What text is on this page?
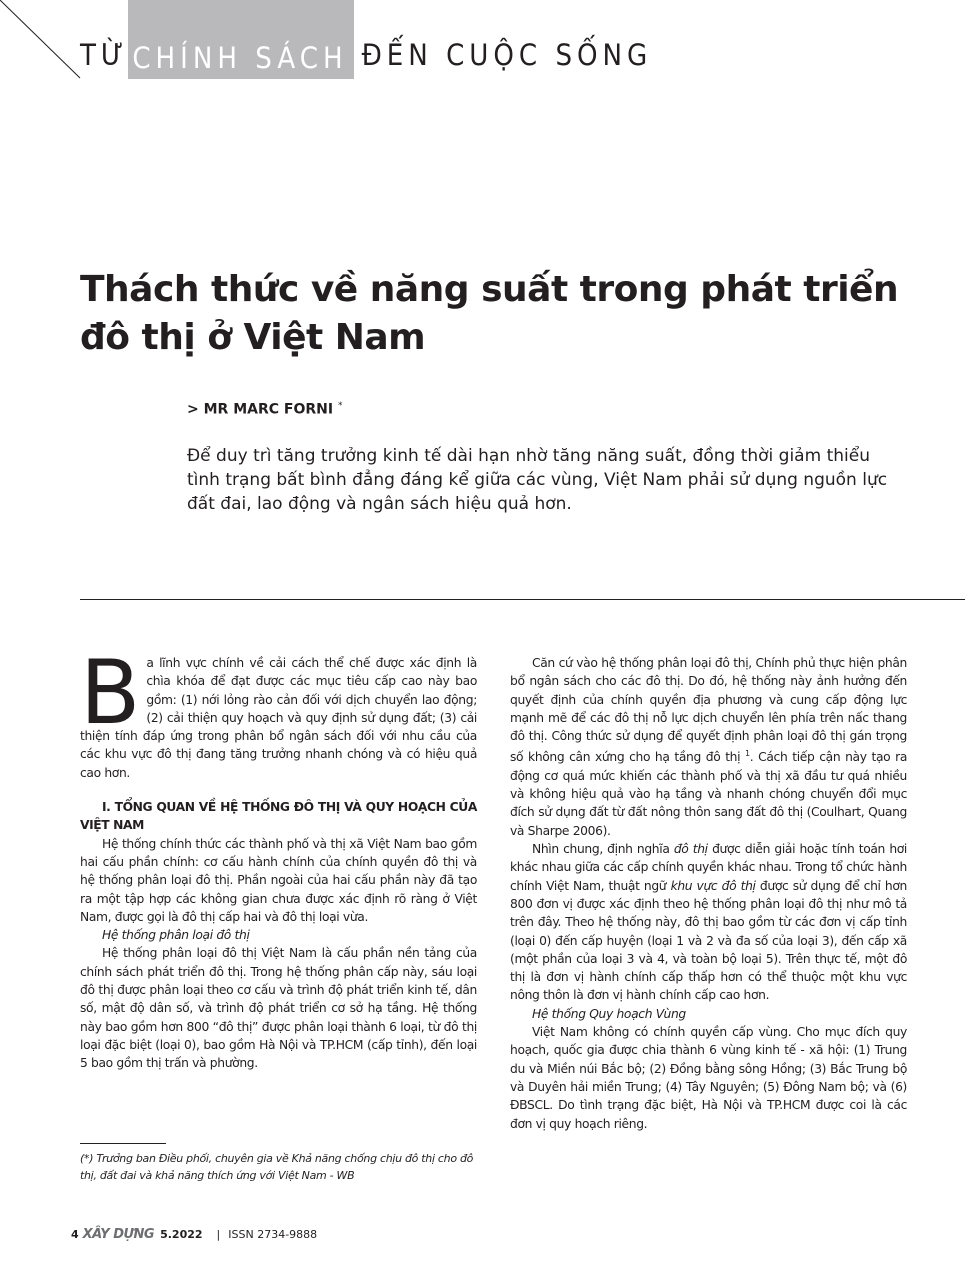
TỪ CHÍNH SÁCH ĐẾN CUỘC SỐNG
Thách thức về năng suất trong phát triển
đô thị ở Việt Nam
> MR MARC FORNI *

Để duy trì tăng trưởng kinh tế dài hạn nhờ tăng năng suất, đồng thời giảm thiểu tình trạng bất bình đẳng đáng kể giữa các vùng, Việt Nam phải sử dụng nguồn lực đất đai, lao động và ngân sách hiệu quả hơn.

Ba lĩnh vực chính về cải cách thể chế được xác định là chìa khóa để đạt được các mục tiêu cấp cao này bao gồm: (1) nới lỏng rào cản đối với dịch chuyển lao động; (2) cải thiện quy hoạch và quy định sử dụng đất; (3) cải thiện tính đáp ứng trong phân bổ ngân sách đối với nhu cầu của các khu vực đô thị đang tăng trưởng nhanh chóng và có hiệu quả cao hơn.

I. TỔNG QUAN VỀ HỆ THỐNG ĐÔ THỊ VÀ QUY HOẠCH CỦA VIỆT NAM

Hệ thống chính thức các thành phố và thị xã Việt Nam bao gồm hai cấu phần chính: cơ cấu hành chính của chính quyền đô thị và hệ thống phân loại đô thị. Phần ngoài của hai cấu phần này đã tạo ra một tập hợp các không gian chưa được xác định rõ ràng ở Việt Nam, được gọi là đô thị cấp hai và đô thị loại vừa.

Hệ thống phân loại đô thị

Hệ thống phân loại đô thị Việt Nam là cấu phần nền tảng của chính sách phát triển đô thị. Trong hệ thống phân cấp này, sáu loại đô thị được phân loại theo cơ cấu và trình độ phát triển kinh tế, dân số, mật độ dân số, và trình độ phát triển cơ sở hạ tầng. Hệ thống này bao gồm hơn 800 “đô thị” được phân loại thành 6 loại, từ đô thị loại đặc biệt (loại 0), bao gồm Hà Nội và TP.HCM (cấp tỉnh), đến loại 5 bao gồm thị trấn và phường.

(*) Trưởng ban Điều phối, chuyên gia về Khả năng chống chịu đô thị cho đô thị, đất đai và khả năng thích ứng với Việt Nam - WB

Căn cứ vào hệ thống phân loại đô thị, Chính phủ thực hiện phân bổ ngân sách cho các đô thị. Do đó, hệ thống này ảnh hưởng đến quyết định của chính quyền địa phương và cung cấp động lực mạnh mẽ để các đô thị nỗ lực dịch chuyển lên phía trên nấc thang đô thị. Công thức sử dụng để quyết định phân loại đô thị gán trọng số không cân xứng cho hạ tầng đô thị $^1$. Cách tiếp cận này tạo ra động cơ quá mức khiến các thành phố và thị xã đầu tư quá nhiều và không hiệu quả vào hạ tầng và nhanh chóng chuyển đổi mục đích sử dụng đất từ đất nông thôn sang đất đô thị (Coulhart, Quang và Sharpe 2006).

Nhìn chung, định nghĩa đô thị được diễn giải hoặc tính toán hơi khác nhau giữa các cấp chính quyền khác nhau. Trong tổ chức hành chính Việt Nam, thuật ngữ khu vực đô thị được sử dụng để chỉ hơn 800 đơn vị được xác định theo hệ thống phân loại đô thị như mô tả trên đây. Theo hệ thống này, đô thị bao gồm từ các đơn vị cấp tỉnh (loại 0) đến cấp huyện (loại 1 và 2 và đa số của loại 3), đến cấp xã (một phần của loại 3 và 4, và toàn bộ loại 5). Trên thực tế, một đô thị là đơn vị hành chính cấp thấp hơn có thể thuộc một khu vực nông thôn là đơn vị hành chính cấp cao hơn.

Hệ thống Quy hoạch Vùng

Việt Nam không có chính quyền cấp vùng. Cho mục đích quy hoạch, quốc gia được chia thành 6 vùng kinh tế - xã hội: (1) Trung du và Miền núi Bắc bộ; (2) Đồng bằng sông Hồng; (3) Bắc Trung bộ và Duyên hải miền Trung; (4) Tây Nguyên; (5) Đông Nam bộ; và (6) ĐBSCL. Do tình trạng đặc biệt, Hà Nội và TP.HCM được coi là các đơn vị quy hoạch riêng.

4 XÂY DỰNG 5.2022 | ISSN 2734-9888
